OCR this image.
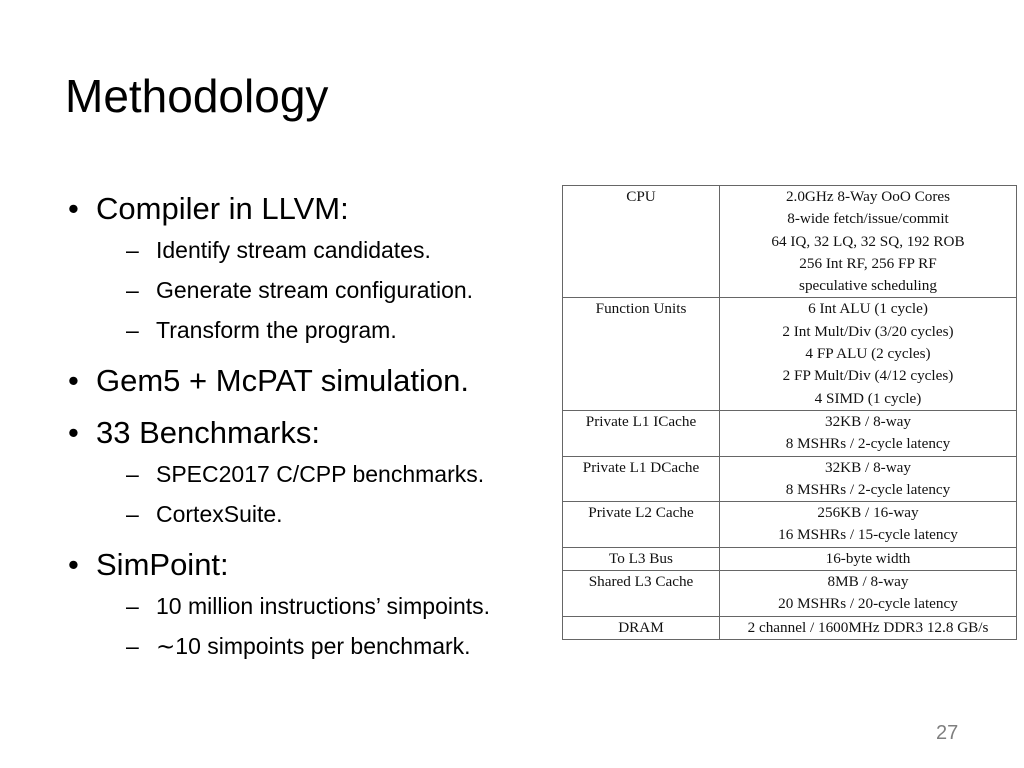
Methodology
• Compiler in LLVM:
– Identify stream candidates.
– Generate stream configuration.
– Transform the program.
• Gem5 + McPAT simulation.
• 33 Benchmarks:
– SPEC2017 C/CPP benchmarks.
– CortexSuite.
• SimPoint:
– 10 million instructions’ simpoints.
– ∼10 simpoints per benchmark.
CPU	2.0GHz 8-Way OoO Cores
8-wide fetch/issue/commit
64 IQ, 32 LQ, 32 SQ, 192 ROB
256 Int RF, 256 FP RF
speculative scheduling

Function Units	6 Int ALU (1 cycle)
2 Int Mult/Div (3/20 cycles)
4 FP ALU (2 cycles)
2 FP Mult/Div (4/12 cycles)
4 SIMD (1 cycle)

Private L1 ICache	32KB / 8-way
8 MSHRs / 2-cycle latency

Private L1 DCache	32KB / 8-way
8 MSHRs / 2-cycle latency

Private L2 Cache	256KB / 16-way
16 MSHRs / 15-cycle latency

To L3 Bus	16-byte width

Shared L3 Cache	8MB / 8-way
20 MSHRs / 20-cycle latency

DRAM	2 channel / 1600MHz DDR3 12.8 GB/s
27
